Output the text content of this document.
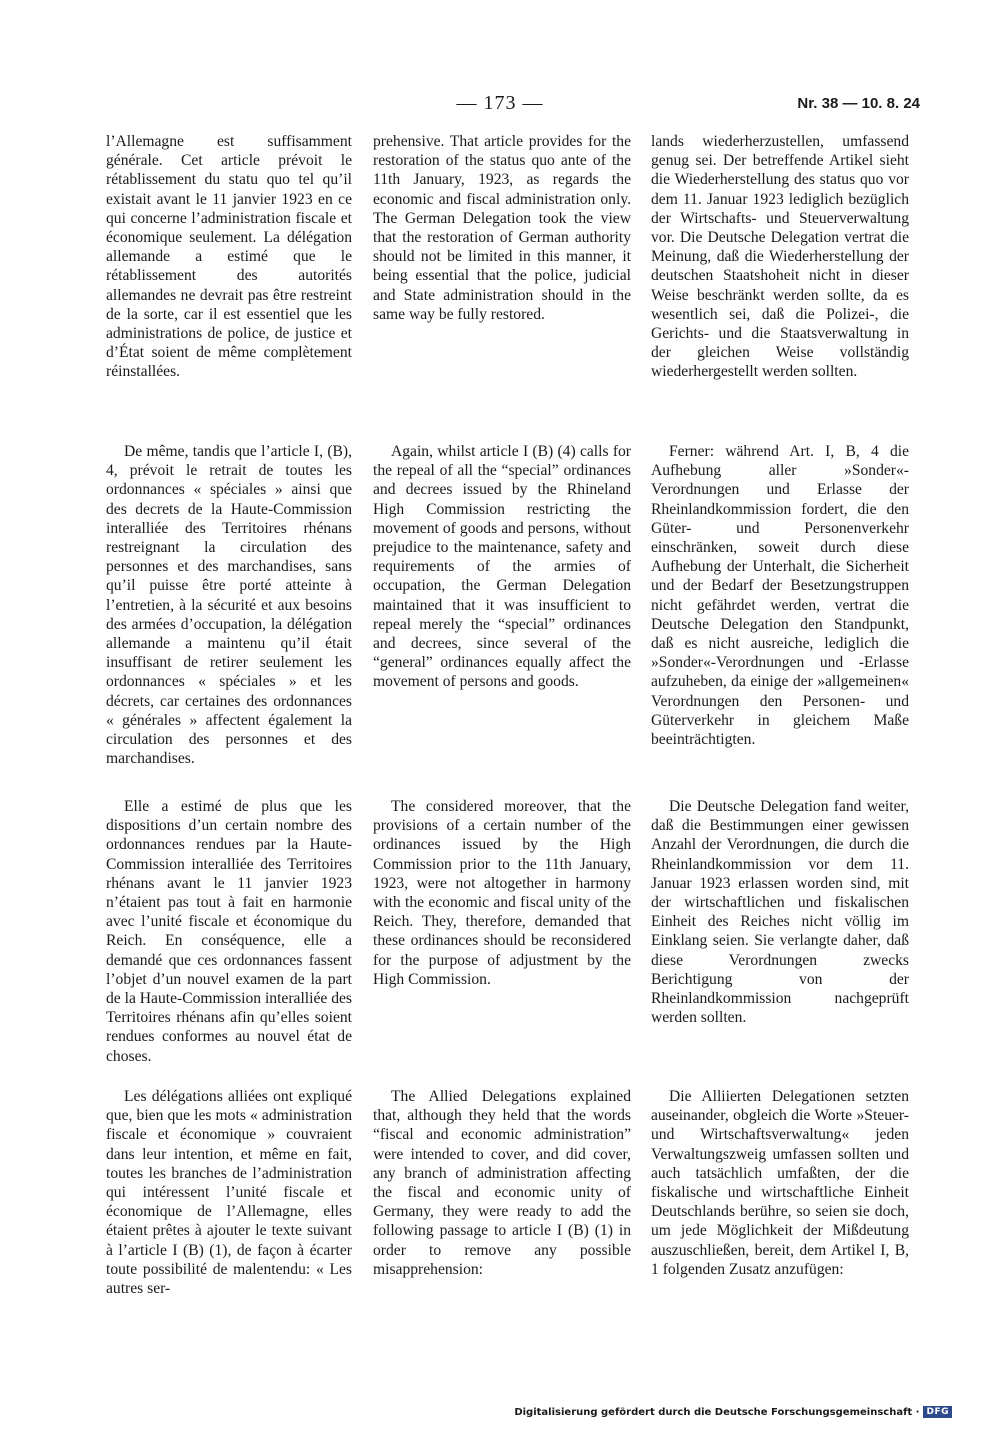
— 173 —	Nr. 38 — 10. 8. 24

l’Allemagne est suffisamment générale. Cet article prévoit le rétablissement du statu quo tel qu’il existait avant le 11 janvier 1923 en ce qui concerne l’administration fiscale et économique seulement. La délégation allemande a estimé que le rétablissement des autorités allemandes ne devrait pas être restreint de la sorte, car il est essentiel que les administrations de police, de justice et d’État soient de même complètement réinstallées.

De même, tandis que l’article I, (B), 4, prévoit le retrait de toutes les ordonnances « spéciales » ainsi que des decrets de la Haute-Commission interalliée des Territoires rhénans restreignant la circulation des personnes et des marchandises, sans qu’il puisse être porté atteinte à l’entretien, à la sécurité et aux besoins des armées d’occupation, la délégation allemande a maintenu qu’il était insuffisant de retirer seulement les ordonnances « spéciales » et les décrets, car certaines des ordonnances « générales » affectent également la circulation des personnes et des marchandises.

Elle a estimé de plus que les dispositions d’un certain nombre des ordonnances rendues par la Haute-Commission interalliée des Territoires rhénans avant le 11 janvier 1923 n’étaient pas tout à fait en harmonie avec l’unité fiscale et économique du Reich. En conséquence, elle a demandé que ces ordonnances fassent l’objet d’un nouvel examen de la part de la Haute-Commission interalliée des Territoires rhénans afin qu’elles soient rendues conformes au nouvel état de choses.

Les délégations alliées ont expliqué que, bien que les mots « administration fiscale et économique » couvraient dans leur intention, et même en fait, toutes les branches de l’administration qui intéressent l’unité fiscale et économique de l’Allemagne, elles étaient prêtes à ajouter le texte suivant à l’article I (B) (1), de façon à écarter toute possibilité de malentendu: « Les autres ser-

prehensive. That article provides for the restoration of the status quo ante of the 11th January, 1923, as regards the economic and fiscal administration only. The German Delegation took the view that the restoration of German authority should not be limited in this manner, it being essential that the police, judicial and State administration should in the same way be fully restored.

Again, whilst article I (B) (4) calls for the repeal of all the “special” ordinances and decrees issued by the Rhineland High Commission restricting the movement of goods and persons, without prejudice to the maintenance, safety and requirements of the armies of occupation, the German Delegation maintained that it was insufficient to repeal merely the “special” ordinances and decrees, since several of the “general” ordinances equally affect the movement of persons and goods.

The considered moreover, that the provisions of a certain number of the ordinances issued by the High Commission prior to the 11th January, 1923, were not altogether in harmony with the economic and fiscal unity of the Reich. They, therefore, demanded that these ordinances should be reconsidered for the purpose of adjustment by the High Commission.

The Allied Delegations explained that, although they held that the words “fiscal and economic administration” were intended to cover, and did cover, any branch of administration affecting the fiscal and economic unity of Germany, they were ready to add the following passage to article I (B) (1) in order to remove any possible misapprehension:

lands wiederherzustellen, umfassend genug sei. Der betreffende Artikel sieht die Wiederherstellung des status quo vor dem 11. Januar 1923 lediglich bezüglich der Wirtschafts- und Steuerverwaltung vor. Die Deutsche Delegation vertrat die Meinung, daß die Wiederherstellung der deutschen Staatshoheit nicht in dieser Weise beschränkt werden sollte, da es wesentlich sei, daß die Polizei-, die Gerichts- und die Staatsverwaltung in der gleichen Weise vollständig wiederhergestellt werden sollten.

Ferner: während Art. I, B, 4 die Aufhebung aller »Sonder«-Verordnungen und Erlasse der Rheinlandkommission fordert, die den Güter- und Personenverkehr einschränken, soweit durch diese Aufhebung der Unterhalt, die Sicherheit und der Bedarf der Besetzungstruppen nicht gefährdet werden, vertrat die Deutsche Delegation den Standpunkt, daß es nicht ausreiche, lediglich die »Sonder«-Verordnungen und -Erlasse aufzuheben, da einige der »allgemeinen« Verordnungen den Personen- und Güterverkehr in gleichem Maße beeinträchtigten.

Die Deutsche Delegation fand weiter, daß die Bestimmungen einer gewissen Anzahl der Verordnungen, die durch die Rheinlandkommission vor dem 11. Januar 1923 erlassen worden sind, mit der wirtschaftlichen und fiskalischen Einheit des Reiches nicht völlig im Einklang seien. Sie verlangte daher, daß diese Verordnungen zwecks Berichtigung von der Rheinlandkommission nachgeprüft werden sollten.

Die Alliierten Delegationen setzten auseinander, obgleich die Worte »Steuer- und Wirtschaftsverwaltung« jeden Verwaltungszweig umfassen sollten und auch tatsächlich umfaßten, der die fiskalische und wirtschaftliche Einheit Deutschlands berühre, so seien sie doch, um jede Möglichkeit der Mißdeutung auszuschließen, bereit, dem Artikel I, B, 1 folgenden Zusatz anzufügen:

Digitalisierung gefördert durch die Deutsche Forschungsgemeinschaft · DFG
